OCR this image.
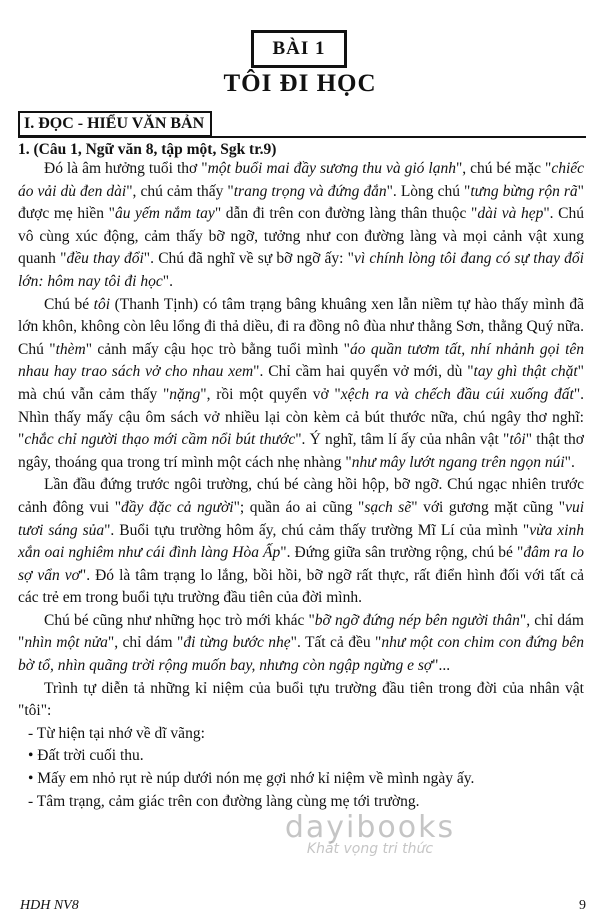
BÀI 1
TÔI ĐI HỌC
I. ĐỌC - HIỂU VĂN BẢN
1. (Câu 1, Ngữ văn 8, tập một, Sgk tr.9)

Đó là âm hưởng tuổi thơ "một buổi mai đầy sương thu và gió lạnh", chú bé mặc "chiếc áo vải dù đen dài", chú cảm thấy "trang trọng và đứng đắn". Lòng chú "tưng bừng rộn rã" được mẹ hiền "âu yếm nắm tay" dẫn đi trên con đường làng thân thuộc "dài và hẹp". Chú vô cùng xúc động, cảm thấy bỡ ngỡ, tưởng như con đường làng và mọi cảnh vật xung quanh "đều thay đổi". Chú đã nghĩ về sự bỡ ngỡ ấy: "vì chính lòng tôi đang có sự thay đổi lớn: hôm nay tôi đi học".

Chú bé tôi (Thanh Tịnh) có tâm trạng bâng khuâng xen lẫn niềm tự hào thấy mình đã lớn khôn, không còn lêu lổng đi thả diều, đi ra đồng nô đùa như thằng Sơn, thằng Quý nữa. Chú "thèm" cảnh mấy cậu học trò bằng tuổi mình "áo quần tươm tất, nhí nhảnh gọi tên nhau hay trao sách vở cho nhau xem". Chỉ cầm hai quyển vở mới, dù "tay ghì thật chặt" mà chú vẫn cảm thấy "nặng", rồi một quyển vở "xệch ra và chếch đầu cúi xuống đất". Nhìn thấy mấy cậu ôm sách vở nhiều lại còn kèm cả bút thước nữa, chú ngây thơ nghĩ: "chắc chỉ người thạo mới cầm nổi bút thước". Ý nghĩ, tâm lí ấy của nhân vật "tôi" thật thơ ngây, thoáng qua trong trí mình một cách nhẹ nhàng "như mây lướt ngang trên ngọn núi".

Lần đầu đứng trước ngôi trường, chú bé càng hồi hộp, bỡ ngỡ. Chú ngạc nhiên trước cảnh đông vui "đầy đặc cả người"; quần áo ai cũng "sạch sẽ" với gương mặt cũng "vui tươi sáng sủa". Buổi tựu trường hôm ấy, chú cảm thấy trường Mĩ Lí của mình "vừa xinh xắn oai nghiêm như cái đình làng Hòa Ấp". Đứng giữa sân trường rộng, chú bé "đâm ra lo sợ vẩn vơ". Đó là tâm trạng lo lắng, bồi hồi, bỡ ngỡ rất thực, rất điển hình đối với tất cả các trẻ em trong buổi tựu trường đầu tiên của đời mình.

Chú bé cũng như những học trò mới khác "bỡ ngỡ đứng nép bên người thân", chỉ dám "nhìn một nửa", chỉ dám "đi từng bước nhẹ". Tất cả đều "như một con chim con đứng bên bờ tổ, nhìn quãng trời rộng muốn bay, nhưng còn ngập ngừng e sợ"...

Trình tự diễn tả những kỉ niệm của buổi tựu trường đầu tiên trong đời của nhân vật "tôi":

- Từ hiện tại nhớ về dĩ vãng:
• Đất trời cuối thu.
• Mấy em nhỏ rụt rè núp dưới nón mẹ gợi nhớ kỉ niệm về mình ngày ấy.
- Tâm trạng, cảm giác trên con đường làng cùng mẹ tới trường.
dayibooks
Khát vọng tri thức
HDH NV8	9
